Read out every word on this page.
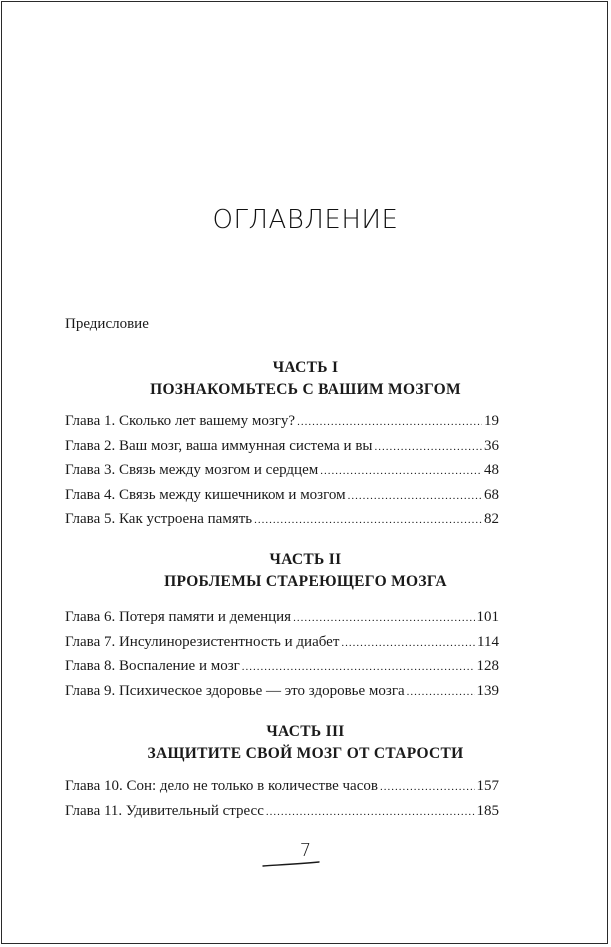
ОГЛАВЛЕНИЕ
Предисловие
ЧАСТЬ I
ПОЗНАКОМЬТЕСЬ С ВАШИМ МОЗГОМ
Глава 1. Сколько лет вашему мозгу? .....	19
Глава 2. Ваш мозг, ваша иммунная система и вы .....	36
Глава 3. Связь между мозгом и сердцем .....	48
Глава 4. Связь между кишечником и мозгом .....	68
Глава 5. Как устроена память .....	82
ЧАСТЬ II
ПРОБЛЕМЫ СТАРЕЮЩЕГО МОЗГА
Глава 6. Потеря памяти и деменция .....	101
Глава 7. Инсулинорезистентность и диабет .....	114
Глава 8. Воспаление и мозг .....	128
Глава 9. Психическое здоровье — это здоровье мозга .....	139
ЧАСТЬ III
ЗАЩИТИТЕ СВОЙ МОЗГ ОТ СТАРОСТИ
Глава 10. Сон: дело не только в количестве часов .....	157
Глава 11. Удивительный стресс .....	185
7
